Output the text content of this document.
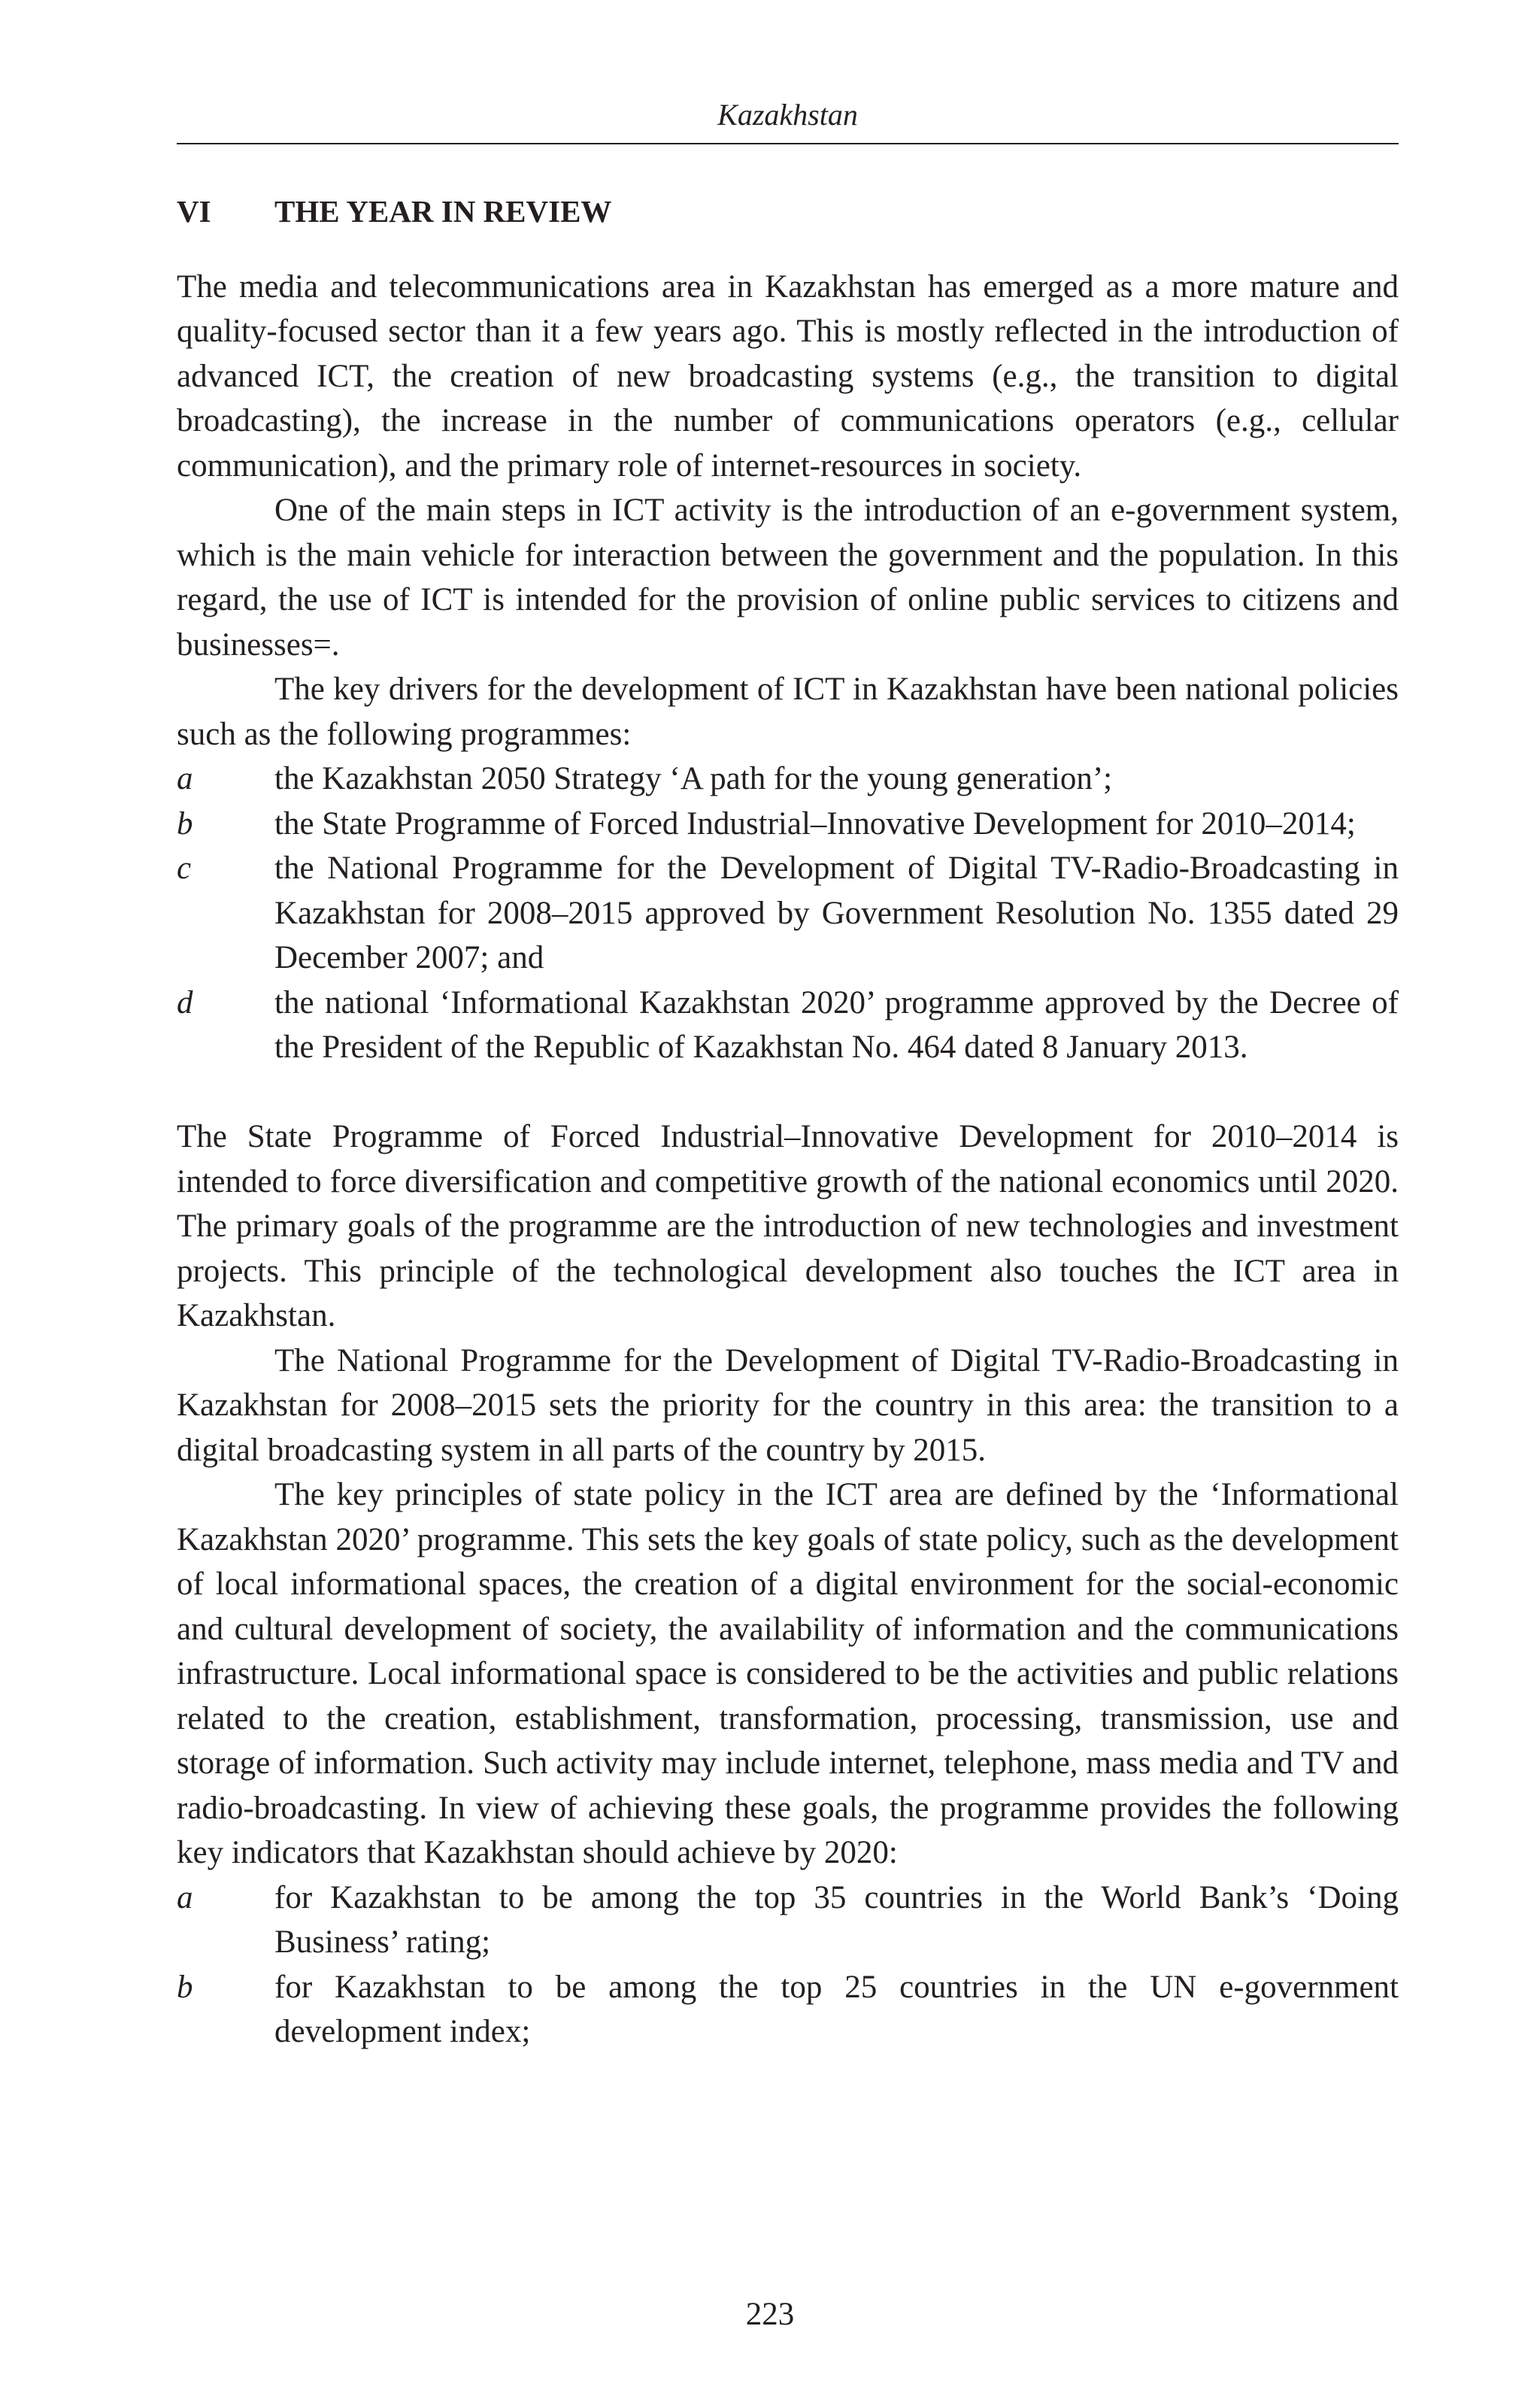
Kazakhstan
VI	THE YEAR IN REVIEW

The media and telecommunications area in Kazakhstan has emerged as a more mature and quality-focused sector than it a few years ago. This is mostly reflected in the introduction of advanced ICT, the creation of new broadcasting systems (e.g., the transition to digital broadcasting), the increase in the number of communications operators (e.g., cellular communication), and the primary role of internet-resources in society.

One of the main steps in ICT activity is the introduction of an e-government system, which is the main vehicle for interaction between the government and the population. In this regard, the use of ICT is intended for the provision of online public services to citizens and businesses=.

The key drivers for the development of ICT in Kazakhstan have been national policies such as the following programmes:

a	the Kazakhstan 2050 Strategy ‘A path for the young generation’;
b	the State Programme of Forced Industrial–Innovative Development for 2010–2014;
c	the National Programme for the Development of Digital TV-Radio-Broadcasting in Kazakhstan for 2008–2015 approved by Government Resolution No. 1355 dated 29 December 2007; and
d	the national ‘Informational Kazakhstan 2020’ programme approved by the Decree of the President of the Republic of Kazakhstan No. 464 dated 8 January 2013.

The State Programme of Forced Industrial–Innovative Development for 2010–2014 is intended to force diversification and competitive growth of the national economics until 2020. The primary goals of the programme are the introduction of new technologies and investment projects. This principle of the technological development also touches the ICT area in Kazakhstan.

The National Programme for the Development of Digital TV-Radio-Broadcasting in Kazakhstan for 2008–2015 sets the priority for the country in this area: the transition to a digital broadcasting system in all parts of the country by 2015.

The key principles of state policy in the ICT area are defined by the ‘Informational Kazakhstan 2020’ programme. This sets the key goals of state policy, such as the development of local informational spaces, the creation of a digital environment for the social-economic and cultural development of society, the availability of information and the communications infrastructure. Local informational space is considered to be the activities and public relations related to the creation, establishment, transformation, processing, transmission, use and storage of information. Such activity may include internet, telephone, mass media and TV and radio-broadcasting. In view of achieving these goals, the programme provides the following key indicators that Kazakhstan should achieve by 2020:

a	for Kazakhstan to be among the top 35 countries in the World Bank’s ‘Doing Business’ rating;
b	for Kazakhstan to be among the top 25 countries in the UN e-government development index;
223
